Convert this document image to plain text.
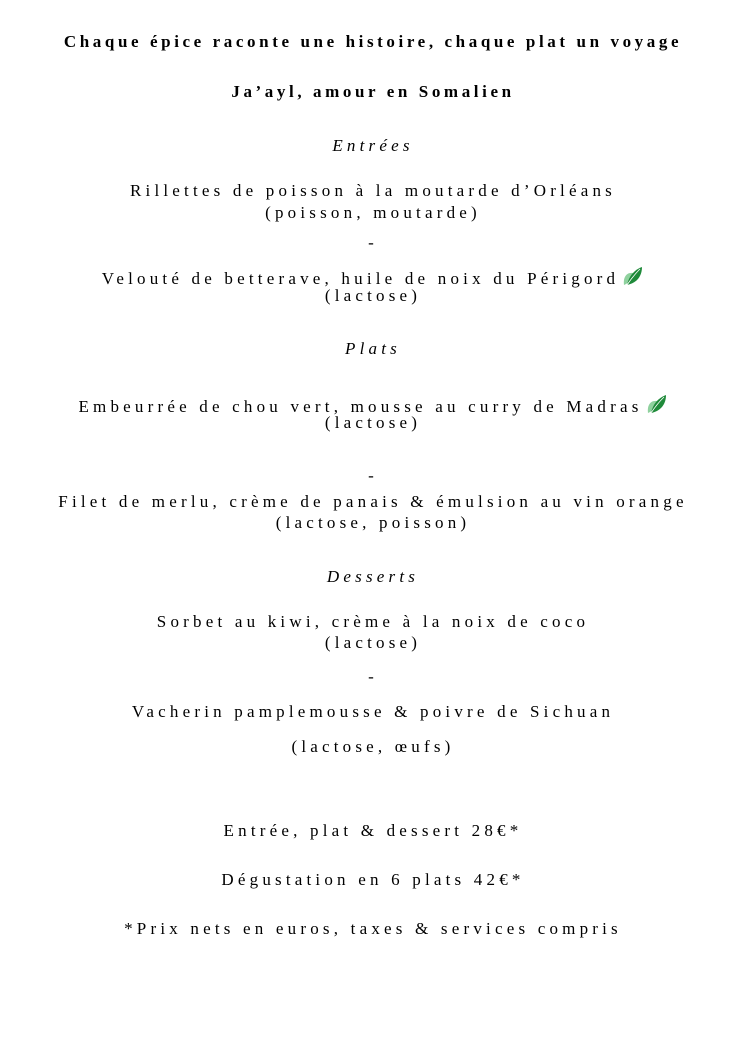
Chaque épice raconte une histoire, chaque plat un voyage
Ja’ayl, amour en Somalien
Entrées
Rillettes de poisson à la moutarde d’Orléans
(poisson, moutarde)
-
Velouté de betterave, huile de noix du Périgord
(lactose)
Plats
Embeurrée de chou vert, mousse au curry de Madras
(lactose)
-
Filet de merlu, crème de panais & émulsion au vin orange
(lactose, poisson)
Desserts
Sorbet au kiwi, crème à la noix de coco
(lactose)
-
Vacherin pamplemousse & poivre de Sichuan
(lactose, œufs)
Entrée, plat & dessert 28€*
Dégustation en 6 plats 42€*
*Prix nets en euros, taxes & services compris
